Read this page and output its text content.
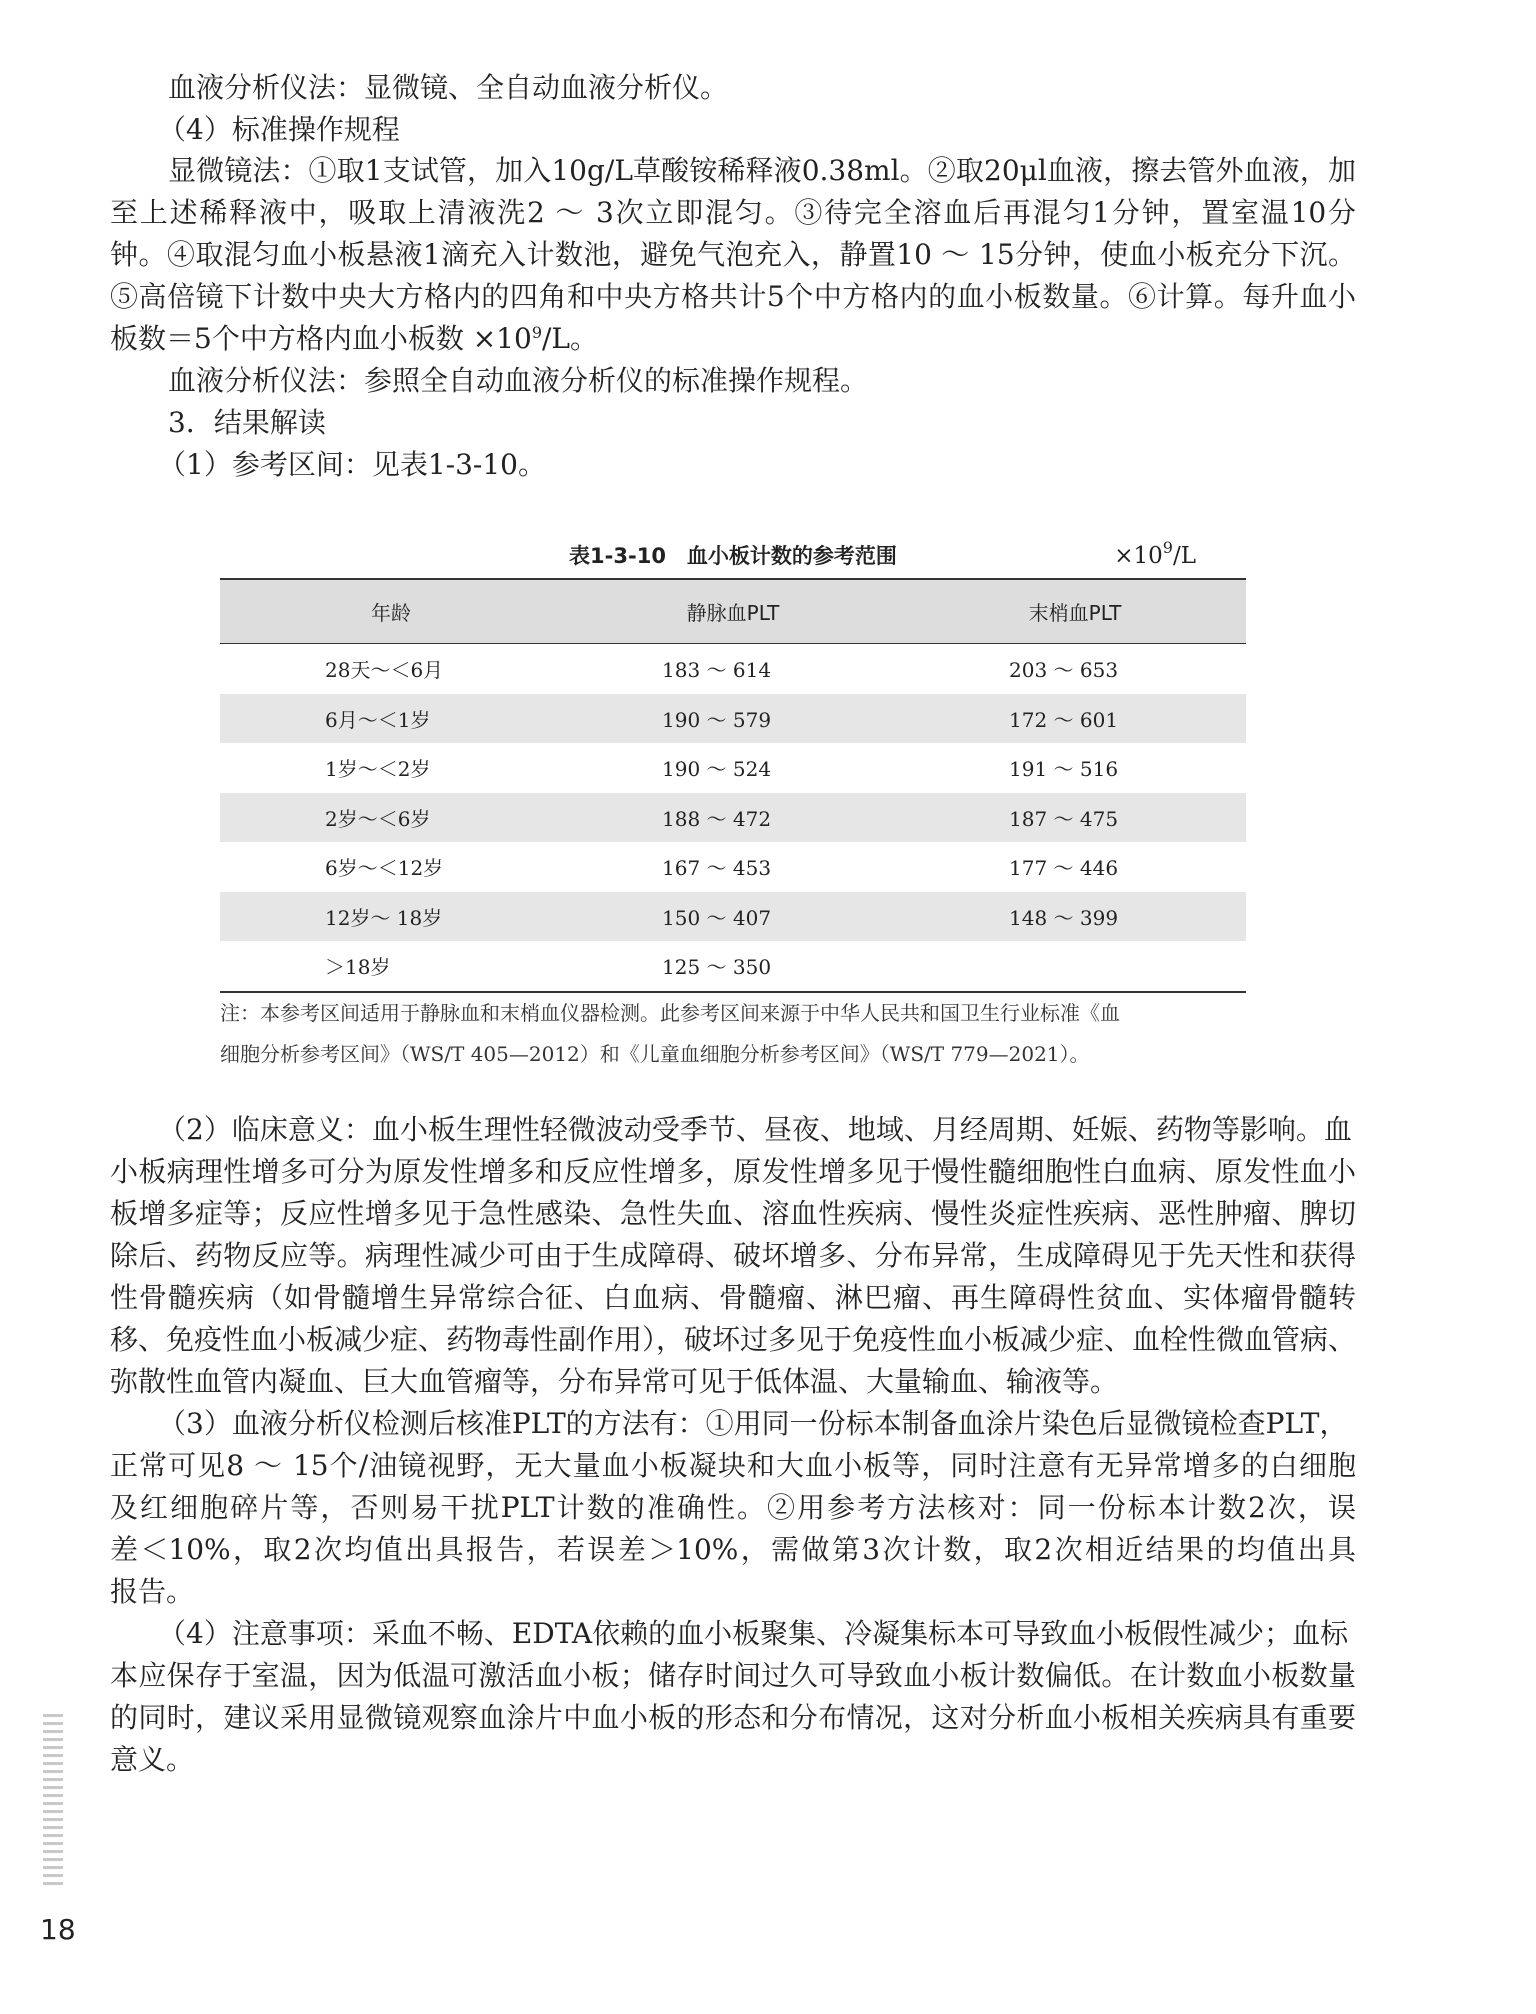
血液分析仪法：显微镜、全自动血液分析仪。
（4）标准操作规程
显微镜法：①取1支试管，加入10g/L草酸铵稀释液0.38ml。②取20μl血液，擦去管外血液，加
至上述稀释液中，吸取上清液洗2 ～ 3次立即混匀。③待完全溶血后再混匀1分钟，置室温10分
钟。④取混匀血小板悬液1滴充入计数池，避免气泡充入，静置10 ～ 15分钟，使血小板充分下沉。
⑤高倍镜下计数中央大方格内的四角和中央方格共计5个中方格内的血小板数量。⑥计算。每升血小
板数＝5个中方格内血小板数 $\times 10^9/L$。
血液分析仪法：参照全自动血液分析仪的标准操作规程。
3．结果解读
（1）参考区间：见表1-3-10。
表1-3-10　血小板计数的参考范围	$\times 10^9/L$
年龄	静脉血PLT	末梢血PLT
28天～＜6月	183 ～ 614	203 ～ 653
6月～＜1岁	190 ～ 579	172 ～ 601
1岁～＜2岁	190 ～ 524	191 ～ 516
2岁～＜6岁	188 ～ 472	187 ～ 475
6岁～＜12岁	167 ～ 453	177 ～ 446
12岁～ 18岁	150 ～ 407	148 ～ 399
＞18岁	125 ～ 350
注：本参考区间适用于静脉血和末梢血仪器检测。此参考区间来源于中华人民共和国卫生行业标准《血
细胞分析参考区间》（WS/T 405—2012）和《儿童血细胞分析参考区间》（WS/T 779—2021）。
（2）临床意义：血小板生理性轻微波动受季节、昼夜、地域、月经周期、妊娠、药物等影响。血
小板病理性增多可分为原发性增多和反应性增多，原发性增多见于慢性髓细胞性白血病、原发性血小
板增多症等；反应性增多见于急性感染、急性失血、溶血性疾病、慢性炎症性疾病、恶性肿瘤、脾切
除后、药物反应等。病理性减少可由于生成障碍、破坏增多、分布异常，生成障碍见于先天性和获得
性骨髓疾病（如骨髓增生异常综合征、白血病、骨髓瘤、淋巴瘤、再生障碍性贫血、实体瘤骨髓转
移、免疫性血小板减少症、药物毒性副作用），破坏过多见于免疫性血小板减少症、血栓性微血管病、
弥散性血管内凝血、巨大血管瘤等，分布异常可见于低体温、大量输血、输液等。
（3）血液分析仪检测后核准PLT的方法有：①用同一份标本制备血涂片染色后显微镜检查PLT，
正常可见8 ～ 15个/油镜视野，无大量血小板凝块和大血小板等，同时注意有无异常增多的白细胞
及红细胞碎片等，否则易干扰PLT计数的准确性。②用参考方法核对：同一份标本计数2次，误
差＜10%，取2次均值出具报告，若误差＞10%，需做第3次计数，取2次相近结果的均值出具
报告。
（4）注意事项：采血不畅、EDTA依赖的血小板聚集、冷凝集标本可导致血小板假性减少；血标
本应保存于室温，因为低温可激活血小板；储存时间过久可导致血小板计数偏低。在计数血小板数量
的同时，建议采用显微镜观察血涂片中血小板的形态和分布情况，这对分析血小板相关疾病具有重要
意义。
18
